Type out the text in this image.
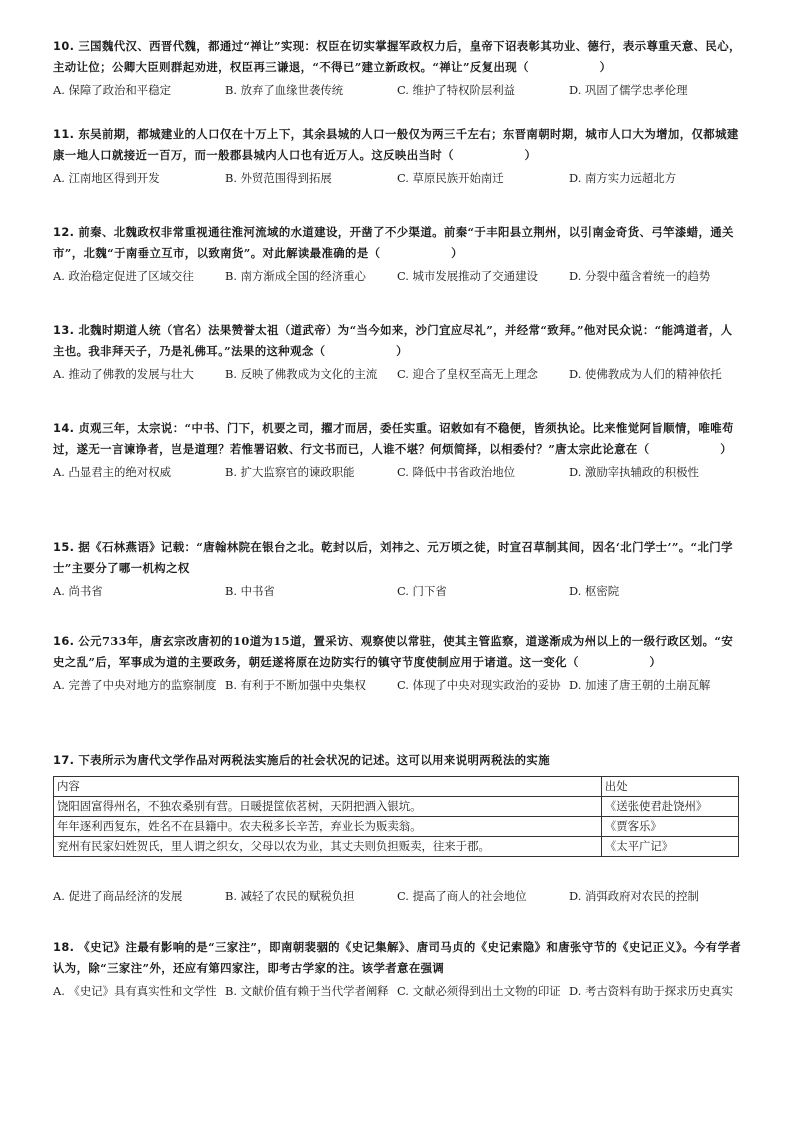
10. 三国魏代汉、西晋代魏，都通过“禅让”实现：权臣在切实掌握军政权力后，皇帝下诏表彰其功业、德行，表示尊重天意、民心，主动让位；公卿大臣则群起劝进，权臣再三谦退，“不得已”建立新政权。“禅让”反复出现（　　　　　　）

A. 保障了政治和平稳定	B. 放弃了血缘世袭传统	C. 维护了特权阶层利益	D. 巩固了儒学忠孝伦理

11. 东吴前期，都城建业的人口仅在十万上下，其余县城的人口一般仅为两三千左右；东晋南朝时期，城市人口大为增加，仅都城建康一地人口就接近一百万，而一般郡县城内人口也有近万人。这反映出当时（　　　　　　）

A. 江南地区得到开发	B. 外贸范围得到拓展	C. 草原民族开始南迁	D. 南方实力远超北方

12. 前秦、北魏政权非常重视通往淮河流域的水道建设，开凿了不少渠道。前秦“于丰阳县立荆州，以引南金奇货、弓竿漆蜡，通关市”，北魏“于南垂立互市，以致南货”。对此解读最准确的是（　　　　　　）

A. 政治稳定促进了区域交往	B. 南方渐成全国的经济重心	C. 城市发展推动了交通建设	D. 分裂中蕴含着统一的趋势

13. 北魏时期道人统（官名）法果赞誉太祖（道武帝）为“当今如来，沙门宜应尽礼”，并经常“致拜。”他对民众说：“能鸿道者，人主也。我非拜天子，乃是礼佛耳。”法果的这种观念（　　　　　　）

A. 推动了佛教的发展与壮大	B. 反映了佛教成为文化的主流	C. 迎合了皇权至高无上理念	D. 使佛教成为人们的精神依托

14. 贞观三年，太宗说：“中书、门下，机要之司，擢才而居，委任实重。诏敕如有不稳便，皆须执论。比来惟觉阿旨顺情，唯唯苟过，遂无一言谏诤者，岂是道理？若惟署诏敕、行文书而已，人谁不堪？何烦简择，以相委付？”唐太宗此论意在（　　　　　　）

A. 凸显君主的绝对权威	B. 扩大监察官的谏政职能	C. 降低中书省政治地位	D. 激励宰执辅政的积极性

15. 据《石林燕语》记载：“唐翰林院在银台之北。乾封以后，刘祎之、元万顷之徒，时宣召草制其间，因名‘北门学士’”。“北门学士”主要分了哪一机构之权

A. 尚书省	B. 中书省	C. 门下省	D. 枢密院

16. 公元733年，唐玄宗改唐初的10道为15道，置采访、观察使以常驻，使其主管监察，道遂渐成为州以上的一级行政区划。“安史之乱”后，军事成为道的主要政务，朝廷遂将原在边防实行的镇守节度使制应用于诸道。这一变化（　　　　　　）

A. 完善了中央对地方的监察制度 B. 有利于不断加强中央集权	C. 体现了中央对现实政治的妥协 D. 加速了唐王朝的土崩瓦解

17. 下表所示为唐代文学作品对两税法实施后的社会状况的记述。这可以用来说明两税法的实施

内容	出处
饶阳固富得州名，不独农桑别有营。日暖提筐依茗树，天阴把酒入银坑。	《送张使君赴饶州》
年年逐利西复东，姓名不在县籍中。农夫税多长辛苦，弃业长为贩卖翁。	《贾客乐》
兖州有民家妇姓贺氏，里人谓之织女，父母以农为业，其丈夫则负担贩卖，往来于郡。	《太平广记》
A. 促进了商品经济的发展	B. 减轻了农民的赋税负担	C. 提高了商人的社会地位	D. 消弭政府对农民的控制

18. 《史记》注最有影响的是“三家注”，即南朝裴骃的《史记集解》、唐司马贞的《史记索隐》和唐张守节的《史记正义》。今有学者认为，除“三家注”外，还应有第四家注，即考古学家的注。该学者意在强调

A. 《史记》具有真实性和文学性 B. 文献价值有赖于当代学者阐释 C. 文献必须得到出土文物的印证 D. 考古资料有助于探求历史真实
